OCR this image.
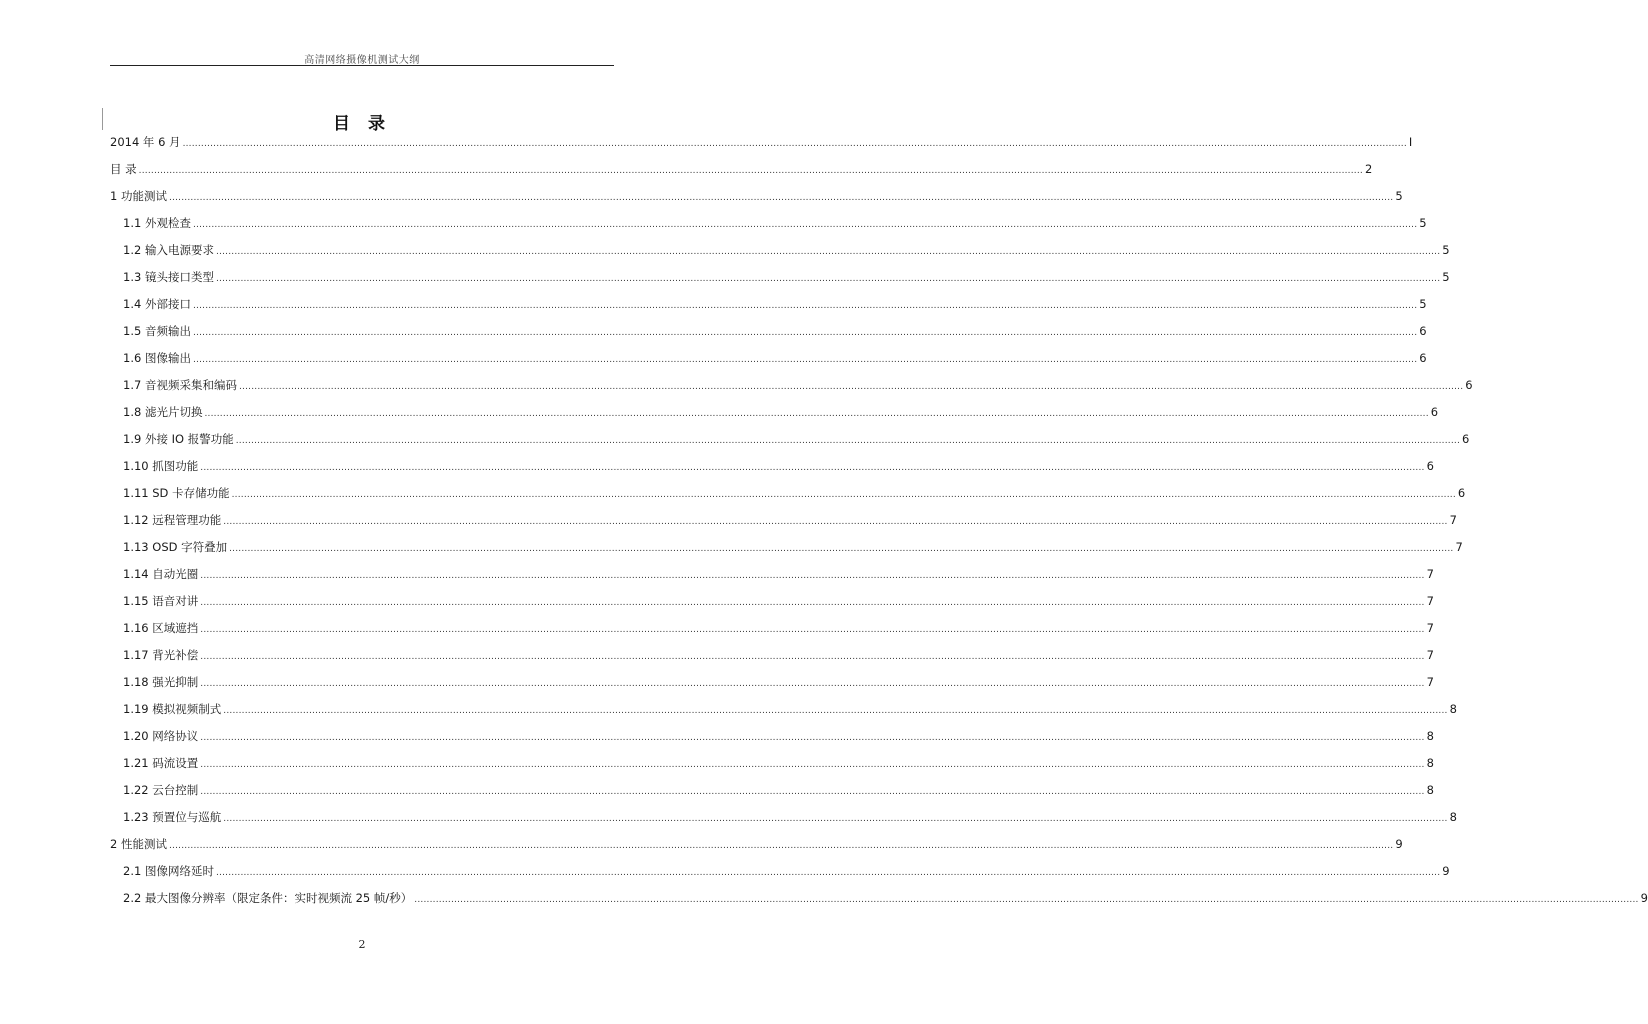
高清网络摄像机测试大纲
目 录
2014 年 6 月 ................................................................................................................................................................................................................................................................................................................................................................................................................ I
目 录 ................................................................................................................................................................................................................................................................................................................................................................................................................ 2
1 功能测试 ................................................................................................................................................................................................................................................................................................................................................................................................................ 5
1.1 外观检查 ................................................................................................................................................................................................................................................................................................................................................................................................................ 5
1.2 输入电源要求 ................................................................................................................................................................................................................................................................................................................................................................................................................ 5
1.3 镜头接口类型 ................................................................................................................................................................................................................................................................................................................................................................................................................ 5
1.4 外部接口 ................................................................................................................................................................................................................................................................................................................................................................................................................ 5
1.5 音频输出 ................................................................................................................................................................................................................................................................................................................................................................................................................ 6
1.6 图像输出 ................................................................................................................................................................................................................................................................................................................................................................................................................ 6
1.7 音视频采集和编码 ................................................................................................................................................................................................................................................................................................................................................................................................................ 6
1.8 滤光片切换 ................................................................................................................................................................................................................................................................................................................................................................................................................ 6
1.9 外接 IO 报警功能 ................................................................................................................................................................................................................................................................................................................................................................................................................ 6
1.10 抓图功能 ................................................................................................................................................................................................................................................................................................................................................................................................................ 6
1.11 SD 卡存储功能 ................................................................................................................................................................................................................................................................................................................................................................................................................ 6
1.12 远程管理功能 ................................................................................................................................................................................................................................................................................................................................................................................................................ 7
1.13 OSD 字符叠加 ................................................................................................................................................................................................................................................................................................................................................................................................................ 7
1.14 自动光圈 ................................................................................................................................................................................................................................................................................................................................................................................................................ 7
1.15 语音对讲 ................................................................................................................................................................................................................................................................................................................................................................................................................ 7
1.16 区域遮挡 ................................................................................................................................................................................................................................................................................................................................................................................................................ 7
1.17 背光补偿 ................................................................................................................................................................................................................................................................................................................................................................................................................ 7
1.18 强光抑制 ................................................................................................................................................................................................................................................................................................................................................................................................................ 7
1.19 模拟视频制式 ................................................................................................................................................................................................................................................................................................................................................................................................................ 8
1.20 网络协议 ................................................................................................................................................................................................................................................................................................................................................................................................................ 8
1.21 码流设置 ................................................................................................................................................................................................................................................................................................................................................................................................................ 8
1.22 云台控制 ................................................................................................................................................................................................................................................................................................................................................................................................................ 8
1.23 预置位与巡航 ................................................................................................................................................................................................................................................................................................................................................................................................................ 8
2 性能测试 ................................................................................................................................................................................................................................................................................................................................................................................................................ 9
2.1 图像网络延时 ................................................................................................................................................................................................................................................................................................................................................................................................................ 9
2.2 最大图像分辨率（限定条件：实时视频流 25 帧/秒） ................................................................................................................................................................................................................................................................................................................................................................................................................ 9
2
